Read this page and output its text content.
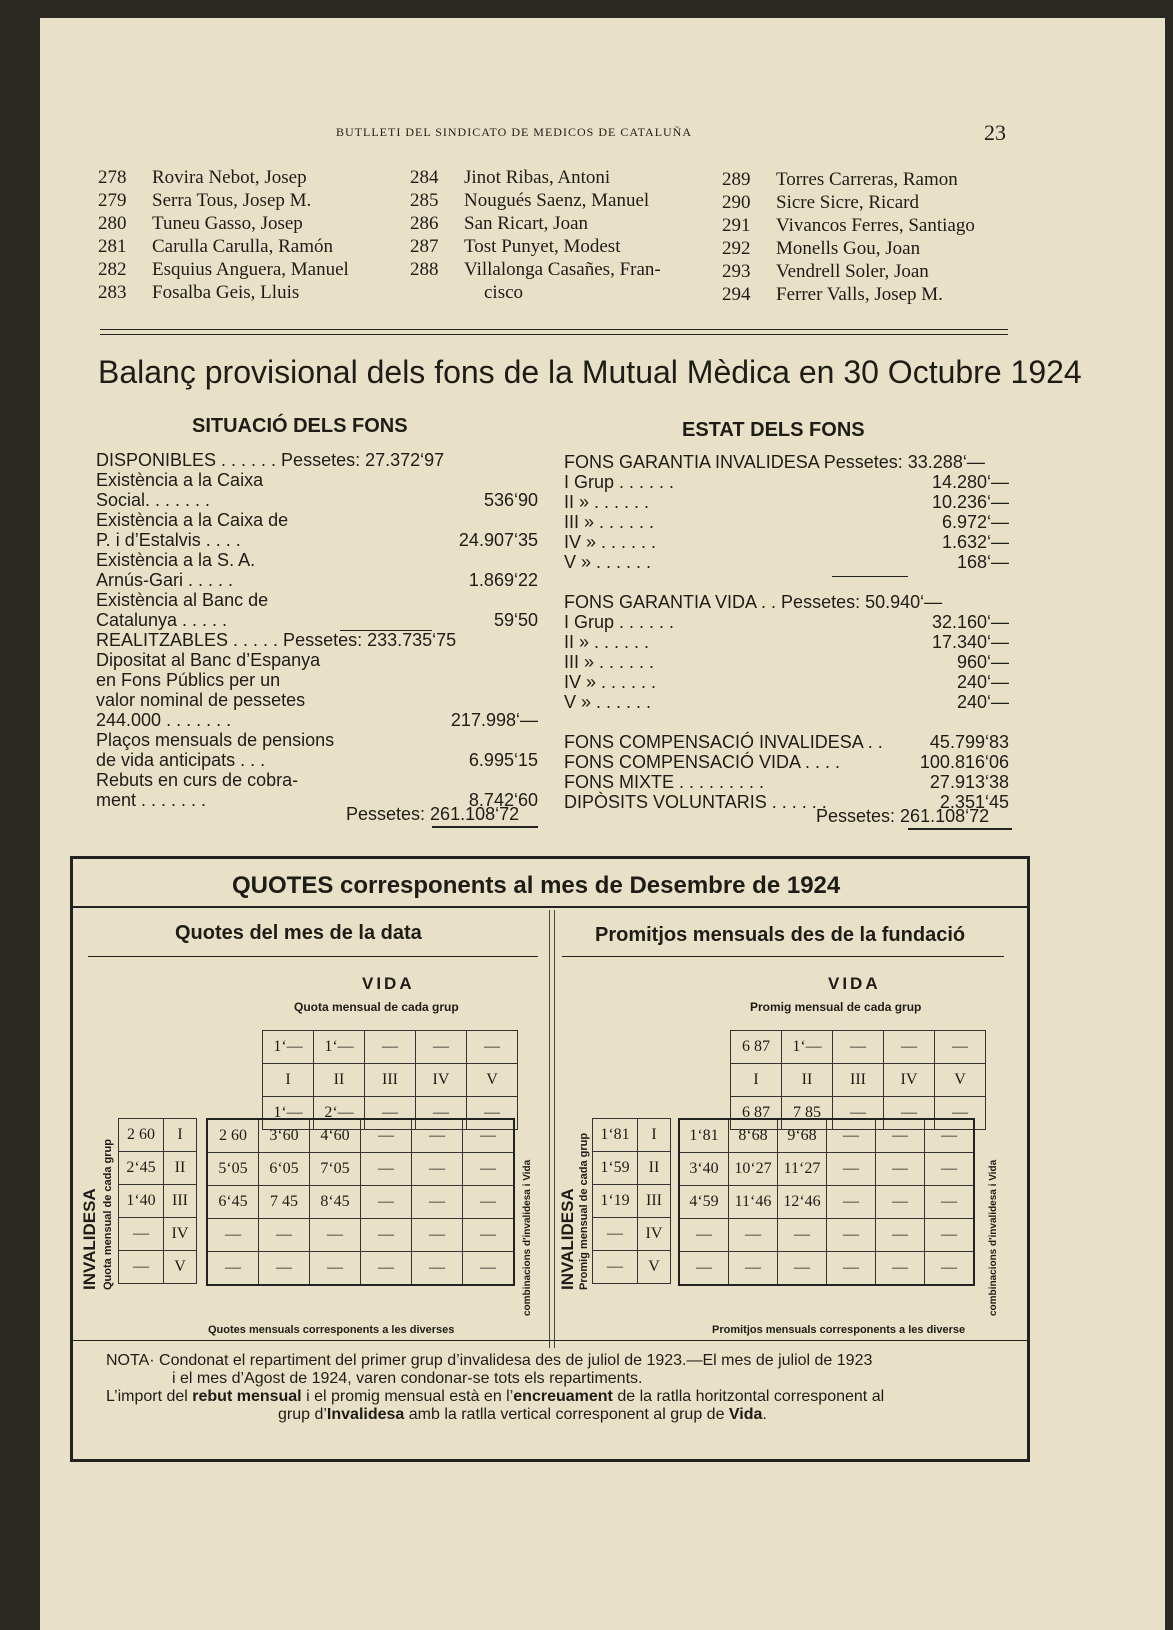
BUTLLETI DEL SINDICATO DE MEDICOS DE CATALUÑA	23
278	Rovira Nebot, Josep
279	Serra Tous, Josep M.
280	Tuneu Gasso, Josep
281	Carulla Carulla, Ramón
282	Esquius Anguera, Manuel
283	Fosalba Geis, Lluis
284	Jinot Ribas, Antoni
285	Nougués Saenz, Manuel
286	San Ricart, Joan
287	Tost Punyet, Modest
288	Villalonga Casañes, Fran-
cisco
289	Torres Carreras, Ramon
290	Sicre Sicre, Ricard
291	Vivancos Ferres, Santiago
292	Monells Gou, Joan
293	Vendrell Soler, Joan
294	Ferrer Valls, Josep M.
Balanç provisional dels fons de la Mutual Mèdica en 30 Octubre 1924
SITUACIÓ DELS FONS	ESTAT DELS FONS
DISPONIBLES . . . . . . Pessetes: 27.372‘97
Existència a la Caixa
Social. . . . . . .	536‘90
Existència a la Caixa de
P. i d’Estalvis . . . .	24.907‘35
Existència a la S. A.
Arnús-Gari . . . . .	1.869‘22
Existència al Banc de
Catalunya . . . . .	59‘50
REALITZABLES . . . . . Pessetes: 233.735‘75
Dipositat al Banc d’Espanya
en Fons Públics per un
valor nominal de pessetes
244.000 . . . . . . .	217.998‘—
Plaços mensuals de pensions
de vida anticipats . . .	6.995‘15
Rebuts en curs de cobra-
ment . . . . . . .	8.742‘60
Pessetes: 261.108‘72
FONS GARANTIA INVALIDESA Pessetes: 33.288‘—
I Grup . . . . . .	14.280‘—
II » . . . . . .	10.236‘—
III » . . . . . .	6.972‘—
IV » . . . . . .	1.632‘—
V » . . . . . .	168‘—
FONS GARANTIA VIDA . . Pessetes: 50.940‘—
I Grup . . . . . .	32.160‘—
II » . . . . . .	17.340‘—
III » . . . . . .	960‘—
IV » . . . . . .	240‘—
V » . . . . . .	240‘—
FONS COMPENSACIÓ INVALIDESA . .	45.799‘83
FONS COMPENSACIÓ VIDA . . . .	100.816‘06
FONS MIXTE . . . . . . . . .	27.913‘38
DIPÒSITS VOLUNTARIS . . . . . .	2.351‘45
Pessetes: 261.108‘72
QUOTES corresponents al mes de Desembre de 1924
Quotes del mes de la data	Promitjos mensuals des de la fundació
VIDA
Quota mensual de cada grup
1‘—	1‘—	—	—	—
I	II	III	IV	V
1‘—	2‘—	—	—	—
INVALIDESA Quota mensual de cada grup
2 60	I
2‘45	II
1‘40	III
—	IV
—	V
2 60	3‘60	4‘60	—	—	—
5‘05	6‘05	7‘05	—	—	—
6‘45	7 45	8‘45	—	—	—
—	—	—	—	—	—
—	—	—	—	—	—	combinacions d'invalidesa i Vida
Quotes mensuals corresponents a les diverses
VIDA
Promig mensual de cada grup
6 87	1‘—	—	—	—
I	II	III	IV	V
6 87	7 85	—	—	—
INVALIDESA Promig mensual de cada grup 1‘81	I
1‘59	II
1‘19	III
—	IV
—	V
1‘81	8‘68	9‘68	—	—	—
3‘40	10‘27	11‘27	—	—	—
4‘59	11‘46	12‘46	—	—	—
—	—	—	—	—	—
—	—	—	—	—	—	combinacions d'invalidesa i Vida
Promitjos mensuals corresponents a les diverse
NOTA· Condonat el repartiment del primer grup d’invalidesa des de juliol de 1923.—El mes de juliol de 1923
i el mes d’Agost de 1924, varen condonar-se tots els repartiments.
L’import del rebut mensual i el promig mensual està en l’encreuament de la ratlla horitzontal corresponent al
grup d’Invalidesa amb la ratlla vertical corresponent al grup de Vida.
